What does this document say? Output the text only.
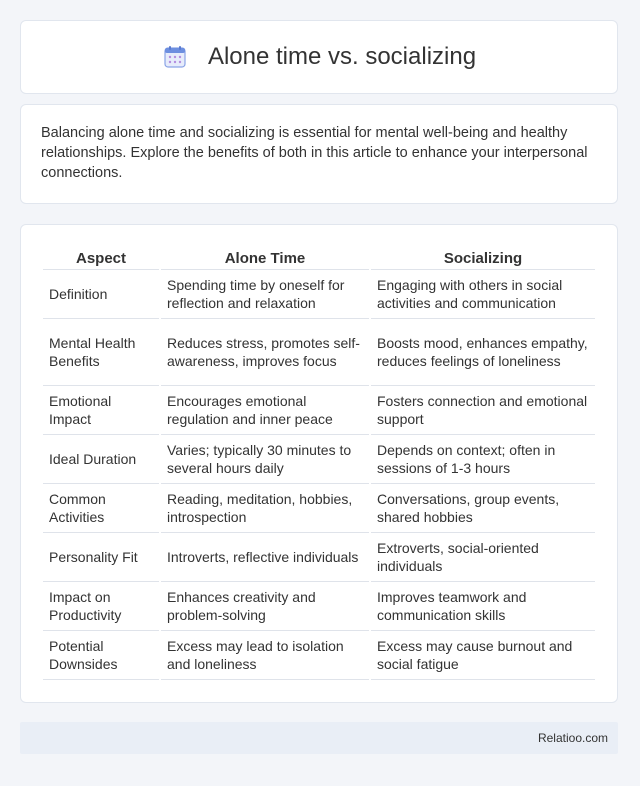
Alone time vs. socializing

Balancing alone time and socializing is essential for mental well-being and healthy relationships. Explore the benefits of both in this article to enhance your interpersonal connections.

Aspect	Alone Time	Socializing
Definition	Spending time by oneself for reflection and relaxation	Engaging with others in social activities and communication
Mental Health Benefits	Reduces stress, promotes self-awareness, improves focus	Boosts mood, enhances empathy, reduces feelings of loneliness
Emotional Impact	Encourages emotional regulation and inner peace	Fosters connection and emotional support
Ideal Duration	Varies; typically 30 minutes to several hours daily	Depends on context; often in sessions of 1-3 hours
Common Activities	Reading, meditation, hobbies, introspection	Conversations, group events, shared hobbies
Personality Fit	Introverts, reflective individuals	Extroverts, social-oriented individuals
Impact on Productivity	Enhances creativity and problem-solving	Improves teamwork and communication skills
Potential Downsides	Excess may lead to isolation and loneliness	Excess may cause burnout and social fatigue
Relatioo.com
